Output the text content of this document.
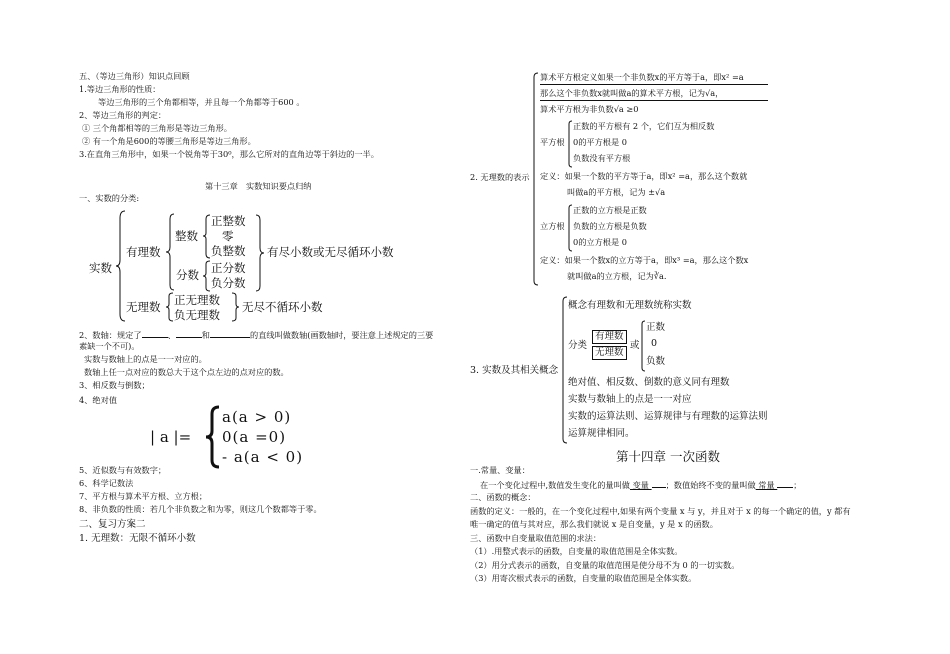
五、（等边三角形）知识点回顾
1.等边三角形的性质：
等边三角形的三个角都相等，并且每一个角都等于600 。
2、等边三角形的判定：
① 三个角都相等的三角形是等边三角形。
② 有一个角是600的等腰三角形是等边三角形。
3.在直角三角形中，如果一个锐角等于30⁰，那么它所对的直角边等于斜边的一半。
第十三章　实数知识要点归纳
一、实数的分类:
实数
有理数
整数
正整数
零
负整数
分数 正分数
负分数
有尽小数或无尽循环小数
无理数 正无理数
负无理数
无尽不循环小数
2、数轴：规定了	、	和	的直线叫做数轴(画数轴时，要注意上述规定的三要
素缺一个不可)。
实数与数轴上的点是一一对应的。
数轴上任一点对应的数总大于这个点左边的点对应的数。
3、相反数与倒数；
4、绝对值
| a |=
a(a > 0)
0(a =0)
- a(a < 0)
5、近似数与有效数字；
6、科学记数法
7、平方根与算术平方根、立方根；
8、非负数的性质：若几个非负数之和为零，则这几个数都等于零。
二、复习方案二
1. 无理数：无限不循环小数
2. 无理数的表示
算术平方根定义如果一个非负数x的平方等于a，即x² =a
那么这个非负数x就叫做a的算术平方根，记为√a，
算术平方根为非负数√a ≥0
平方根
正数的平方根有 2 个，它们互为相反数
0的平方根是 0
负数没有平方根
定义：如果一个数的平方等于a，即x² =a，那么这个数就
叫做a的平方根，记为 ±√a
立方根
正数的立方根是正数
负数的立方根是负数
0的立方根是 0
定义：如果一个数x的立方等于a，即x³ =a，那么这个数x
就叫做a的立方根，记为∛a.
3. 实数及其相关概念
概念有理数和无理数统称实数
分类
有理数
无理数
或
正数
0
负数
绝对值、相反数、倒数的意义同有理数
实数与数轴上的点是一一对应
实数的运算法则、运算规律与有理数的运算法则
运算规律相同。
第十四章 一次函数
一.常量、变量：
在一个变化过程中,数值发生变化的量叫做 变量 ；数值始终不变的量叫做 常量 ；
二、函数的概念：
函数的定义：一般的，在一个变化过程中,如果有两个变量 x 与 y，并且对于 x 的每一个确定的值，y 都有
唯一确定的值与其对应，那么我们就说 x 是自变量，y 是 x 的函数。
三、函数中自变量取值范围的求法：
（1）.用整式表示的函数，自变量的取值范围是全体实数。
（2）用分式表示的函数，自变量的取值范围是使分母不为 0 的一切实数。
（3）用寄次根式表示的函数，自变量的取值范围是全体实数。
